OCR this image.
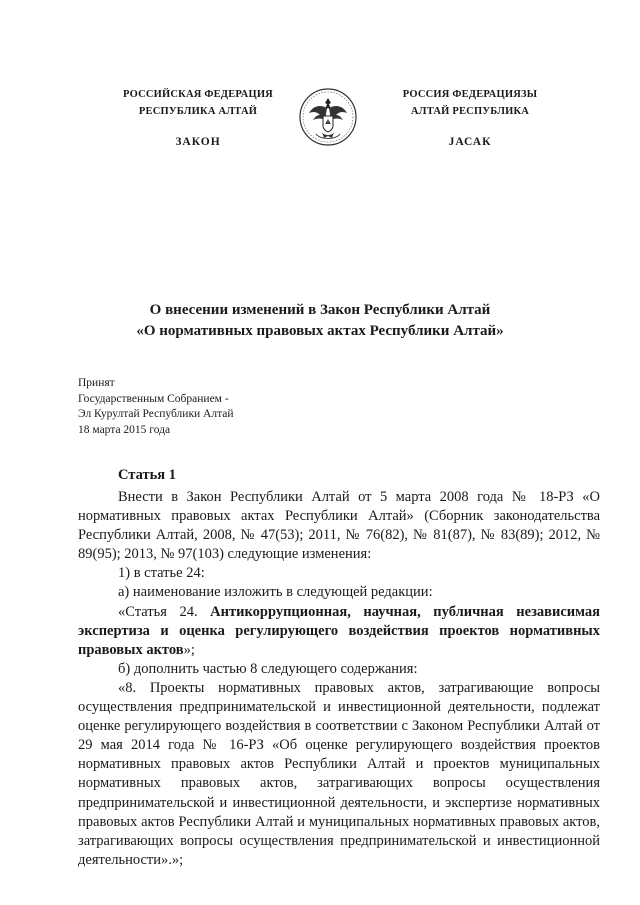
РОССИЙСКАЯ ФЕДЕРАЦИЯ
РЕСПУБЛИКА АЛТАЙ
ЗАКОН
РОССИЯ ФЕДЕРАЦИЯЗЫ
АЛТАЙ РЕСПУБЛИКА
JАСАК
О внесении изменений в Закон Республики Алтай
«О нормативных правовых актах Республики Алтай»
Принят
Государственным Собранием -
Эл Курултай Республики Алтай
18 марта 2015 года
Статья 1

Внести в Закон Республики Алтай от 5 марта 2008 года № 18-РЗ «О нормативных правовых актах Республики Алтай» (Сборник законодательства Республики Алтай, 2008, № 47(53); 2011, № 76(82), № 81(87), № 83(89); 2012, № 89(95); 2013, № 97(103) следующие изменения:

1) в статье 24:

а) наименование изложить в следующей редакции:

«Статья 24. Антикоррупционная, научная, публичная независимая экспертиза и оценка регулирующего воздействия проектов нормативных правовых актов»;

б) дополнить частью 8 следующего содержания:

«8. Проекты нормативных правовых актов, затрагивающие вопросы осуществления предпринимательской и инвестиционной деятельности, подлежат оценке регулирующего воздействия в соответствии с Законом Республики Алтай от 29 мая 2014 года № 16-РЗ «Об оценке регулирующего воздействия проектов нормативных правовых актов Республики Алтай и проектов муниципальных нормативных правовых актов, затрагивающих вопросы осуществления предпринимательской и инвестиционной деятельности, и экспертизе нормативных правовых актов Республики Алтай и муниципальных нормативных правовых актов, затрагивающих вопросы осуществления предпринимательской и инвестиционной деятельности».»;
